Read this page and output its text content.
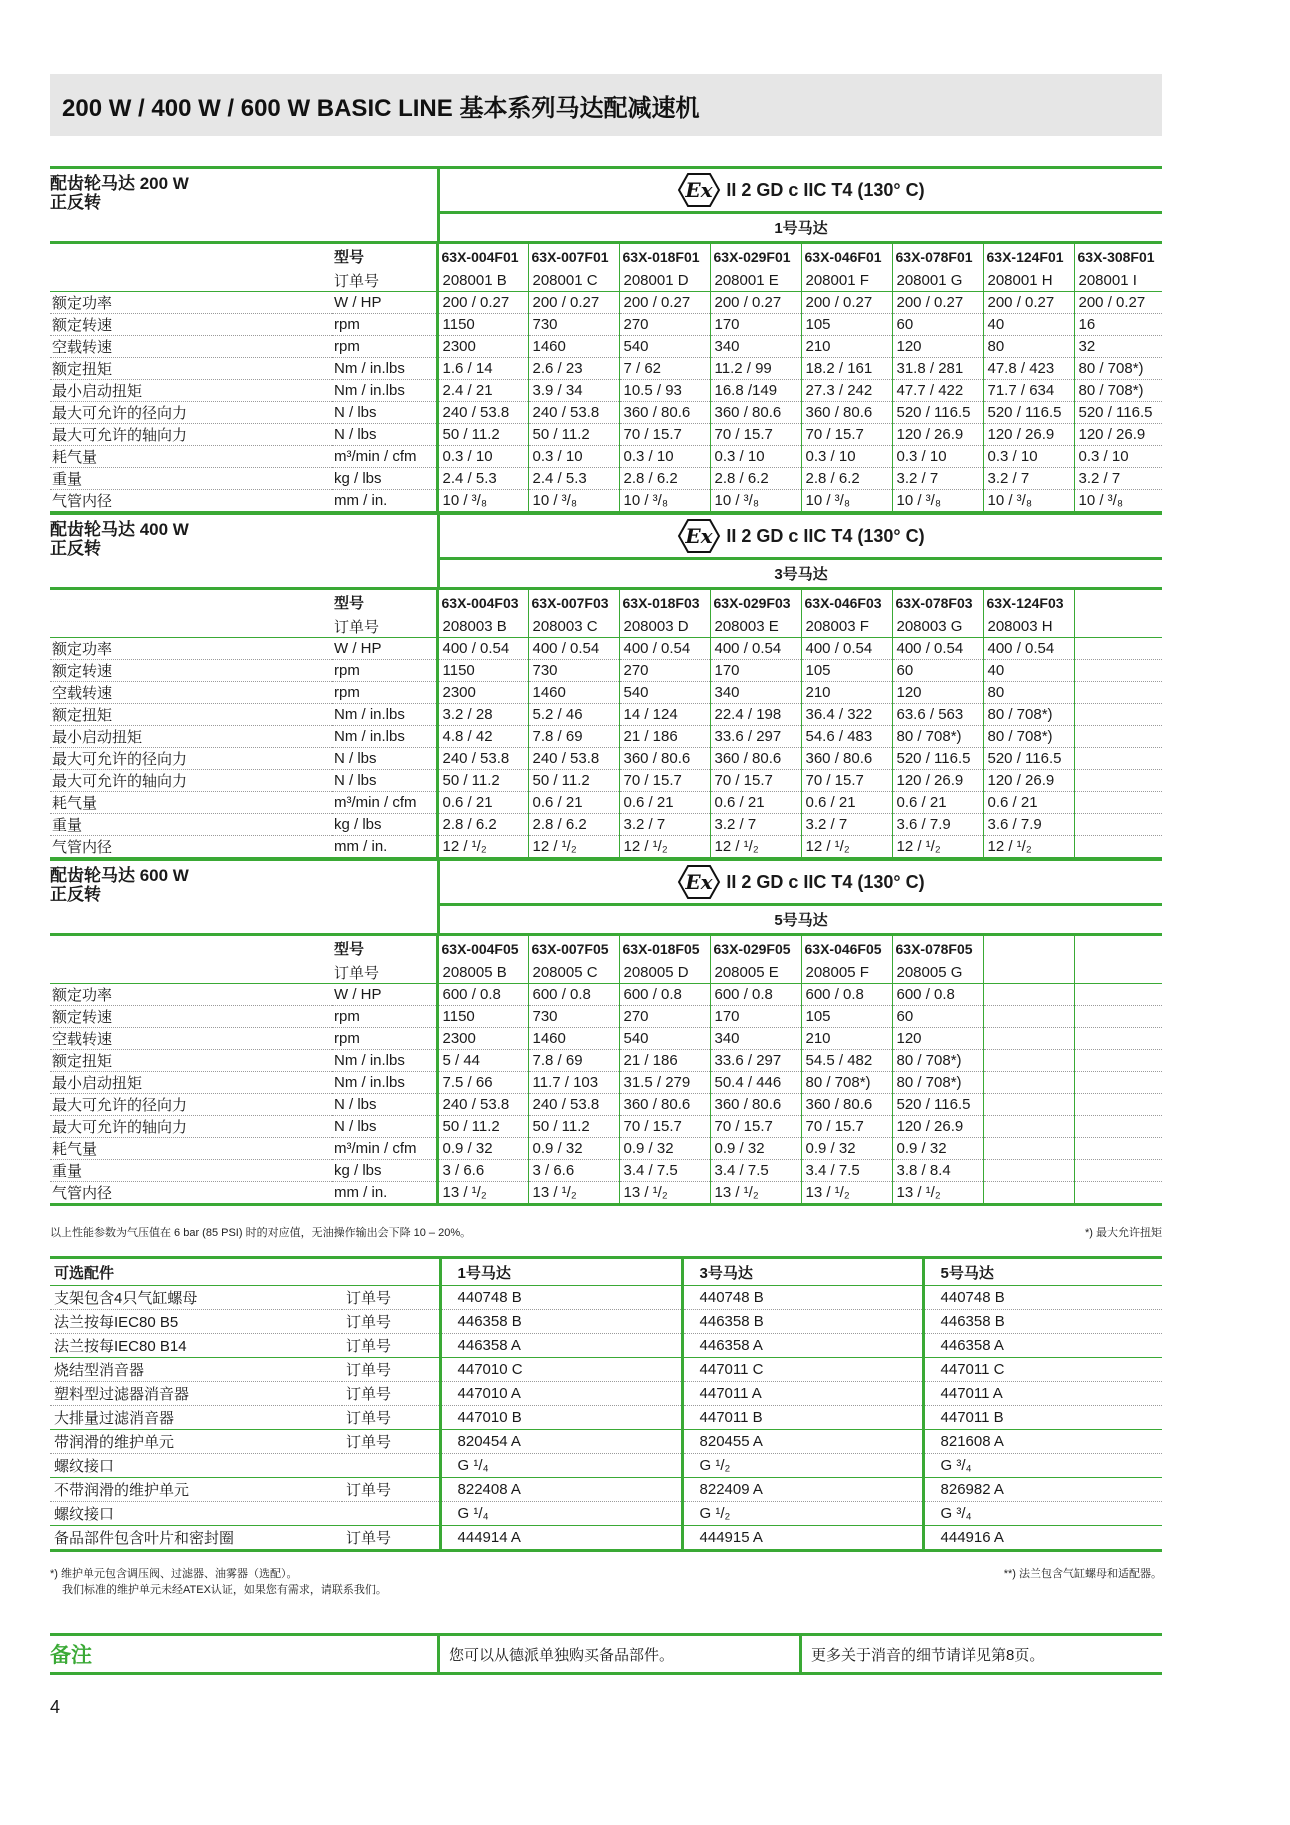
200 W / 400 W / 600 W BASIC LINE 基本系列马达配减速机
配齿轮马达 200 W
正反转
Ex II 2 GD c IIC T4 (130° C)
1号马达
	型号	63X-004F01	63X-007F01	63X-018F01	63X-029F01	63X-046F01	63X-078F01	63X-124F01	63X-308F01
	订单号	208001 B	208001 C	208001 D	208001 E	208001 F	208001 G	208001 H	208001 I
额定功率	W / HP	200 / 0.27	200 / 0.27	200 / 0.27	200 / 0.27	200 / 0.27	200 / 0.27	200 / 0.27	200 / 0.27
额定转速	rpm	1150	730	270	170	105	60	40	16
空载转速	rpm	2300	1460	540	340	210	120	80	32
额定扭矩	Nm / in.lbs	1.6 / 14	2.6 / 23	7 / 62	11.2 / 99	18.2 / 161	31.8 / 281	47.8 / 423	80 / 708*)
最小启动扭矩	Nm / in.lbs	2.4 / 21	3.9 / 34	10.5 / 93	16.8 /149	27.3 / 242	47.7 / 422	71.7 / 634	80 / 708*)
最大可允许的径向力	N / lbs	240 / 53.8	240 / 53.8	360 / 80.6	360 / 80.6	360 / 80.6	520 / 116.5	520 / 116.5	520 / 116.5
最大可允许的轴向力	N / lbs	50 / 11.2	50 / 11.2	70 / 15.7	70 / 15.7	70 / 15.7	120 / 26.9	120 / 26.9	120 / 26.9
耗气量	m³/min / cfm	0.3 / 10	0.3 / 10	0.3 / 10	0.3 / 10	0.3 / 10	0.3 / 10	0.3 / 10	0.3 / 10
重量	kg / lbs	2.4 / 5.3	2.4 / 5.3	2.8 / 6.2	2.8 / 6.2	2.8 / 6.2	3.2 / 7	3.2 / 7	3.2 / 7
气管内径	mm / in.	10 / ³/₈	10 / ³/₈	10 / ³/₈	10 / ³/₈	10 / ³/₈	10 / ³/₈	10 / ³/₈	10 / ³/₈
配齿轮马达 400 W
正反转
Ex II 2 GD c IIC T4 (130° C)
3号马达
	型号	63X-004F03	63X-007F03	63X-018F03	63X-029F03	63X-046F03	63X-078F03	63X-124F03	
	订单号	208003 B	208003 C	208003 D	208003 E	208003 F	208003 G	208003 H	
额定功率	W / HP	400 / 0.54	400 / 0.54	400 / 0.54	400 / 0.54	400 / 0.54	400 / 0.54	400 / 0.54	
额定转速	rpm	1150	730	270	170	105	60	40	
空载转速	rpm	2300	1460	540	340	210	120	80	
额定扭矩	Nm / in.lbs	3.2 / 28	5.2 / 46	14 / 124	22.4 / 198	36.4 / 322	63.6 / 563	80 / 708*)	
最小启动扭矩	Nm / in.lbs	4.8 / 42	7.8 / 69	21 / 186	33.6 / 297	54.6 / 483	80 / 708*)	80 / 708*)	
最大可允许的径向力	N / lbs	240 / 53.8	240 / 53.8	360 / 80.6	360 / 80.6	360 / 80.6	520 / 116.5	520 / 116.5	
最大可允许的轴向力	N / lbs	50 / 11.2	50 / 11.2	70 / 15.7	70 / 15.7	70 / 15.7	120 / 26.9	120 / 26.9	
耗气量	m³/min / cfm	0.6 / 21	0.6 / 21	0.6 / 21	0.6 / 21	0.6 / 21	0.6 / 21	0.6 / 21	
重量	kg / lbs	2.8 / 6.2	2.8 / 6.2	3.2 / 7	3.2 / 7	3.2 / 7	3.6 / 7.9	3.6 / 7.9	
气管内径	mm / in.	12 / ¹/₂	12 / ¹/₂	12 / ¹/₂	12 / ¹/₂	12 / ¹/₂	12 / ¹/₂	12 / ¹/₂	
配齿轮马达 600 W
正反转
Ex II 2 GD c IIC T4 (130° C)
5号马达
	型号	63X-004F05	63X-007F05	63X-018F05	63X-029F05	63X-046F05	63X-078F05		
	订单号	208005 B	208005 C	208005 D	208005 E	208005 F	208005 G		
额定功率	W / HP	600 / 0.8	600 / 0.8	600 / 0.8	600 / 0.8	600 / 0.8	600 / 0.8		
额定转速	rpm	1150	730	270	170	105	60		
空载转速	rpm	2300	1460	540	340	210	120		
额定扭矩	Nm / in.lbs	5 / 44	7.8 / 69	21 / 186	33.6 / 297	54.5 / 482	80 / 708*)		
最小启动扭矩	Nm / in.lbs	7.5 / 66	11.7 / 103	31.5 / 279	50.4 / 446	80 / 708*)	80 / 708*)		
最大可允许的径向力	N / lbs	240 / 53.8	240 / 53.8	360 / 80.6	360 / 80.6	360 / 80.6	520 / 116.5		
最大可允许的轴向力	N / lbs	50 / 11.2	50 / 11.2	70 / 15.7	70 / 15.7	70 / 15.7	120 / 26.9		
耗气量	m³/min / cfm	0.9 / 32	0.9 / 32	0.9 / 32	0.9 / 32	0.9 / 32	0.9 / 32		
重量	kg / lbs	3 / 6.6	3 / 6.6	3.4 / 7.5	3.4 / 7.5	3.4 / 7.5	3.8 / 8.4		
气管内径	mm / in.	13 / ¹/₂	13 / ¹/₂	13 / ¹/₂	13 / ¹/₂	13 / ¹/₂	13 / ¹/₂		
以上性能参数为气压值在 6 bar (85 PSI) 时的对应值，无油操作输出会下降 10 – 20%。	*) 最大允许扭矩
可选配件		1号马达	3号马达	5号马达
支架包含4只气缸螺母	订单号	440748 B	440748 B	440748 B
法兰按每IEC80 B5	订单号	446358 B	446358 B	446358 B
法兰按每IEC80 B14	订单号	446358 A	446358 A	446358 A
烧结型消音器	订单号	447010 C	447011 C	447011 C
塑料型过滤器消音器	订单号	447010 A	447011 A	447011 A
大排量过滤消音器	订单号	447010 B	447011 B	447011 B
带润滑的维护单元	订单号	820454 A	820455 A	821608 A
螺纹接口		G ¹/₄	G ¹/₂	G ³/₄
不带润滑的维护单元	订单号	822408 A	822409 A	826982 A
螺纹接口		G ¹/₄	G ¹/₂	G ³/₄
备品部件包含叶片和密封圈	订单号	444914 A	444915 A	444916 A
*) 维护单元包含调压阀、过滤器、油雾器（选配）。
我们标准的维护单元未经ATEX认证，如果您有需求，请联系我们。
**) 法兰包含气缸螺母和适配器。
备注	您可以从德派单独购买备品部件。	更多关于消音的细节请详见第8页。
4
